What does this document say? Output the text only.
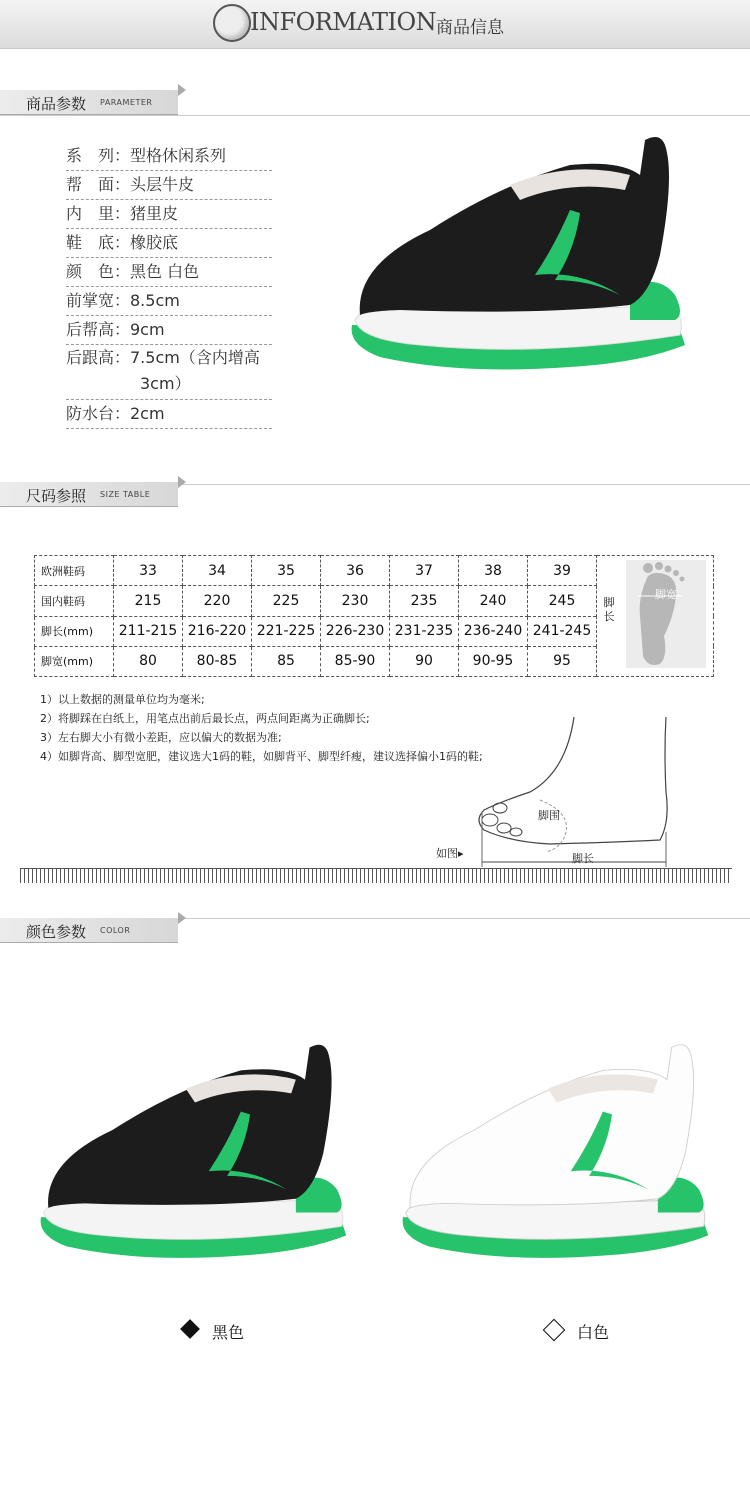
INFORMATION 商品信息
商品参数 PARAMETER
系　列：型格休闲系列
帮　面：头层牛皮
内　里：猪里皮
鞋　底：橡胶底
颜　色：黑色 白色
前掌宽：8.5cm
后帮高：9cm
后跟高：7.5cm（含内增高
3cm）
防水台：2cm
尺码参照 SIZE TABLE
欧洲鞋码	33	34	35	36	37	38	39	脚长
脚宽

国内鞋码	215	220	225	230	235	240	245	
脚长(mm)	211-215	216-220	221-225	226-230	231-235	236-240	241-245	
脚宽(mm)	80	80-85	85	85-90	90	90-95	95	
1）以上数据的测量单位均为毫米;
2）将脚踩在白纸上，用笔点出前后最长点，两点间距离为正确脚长;
3）左右脚大小有微小差距，应以偏大的数据为准;
4）如脚背高、脚型宽肥，建议选大1码的鞋，如脚背平、脚型纤瘦，建议选择偏小1码的鞋;
脚围
脚长
如图▸
颜色参数 COLOR
黑色	白色
